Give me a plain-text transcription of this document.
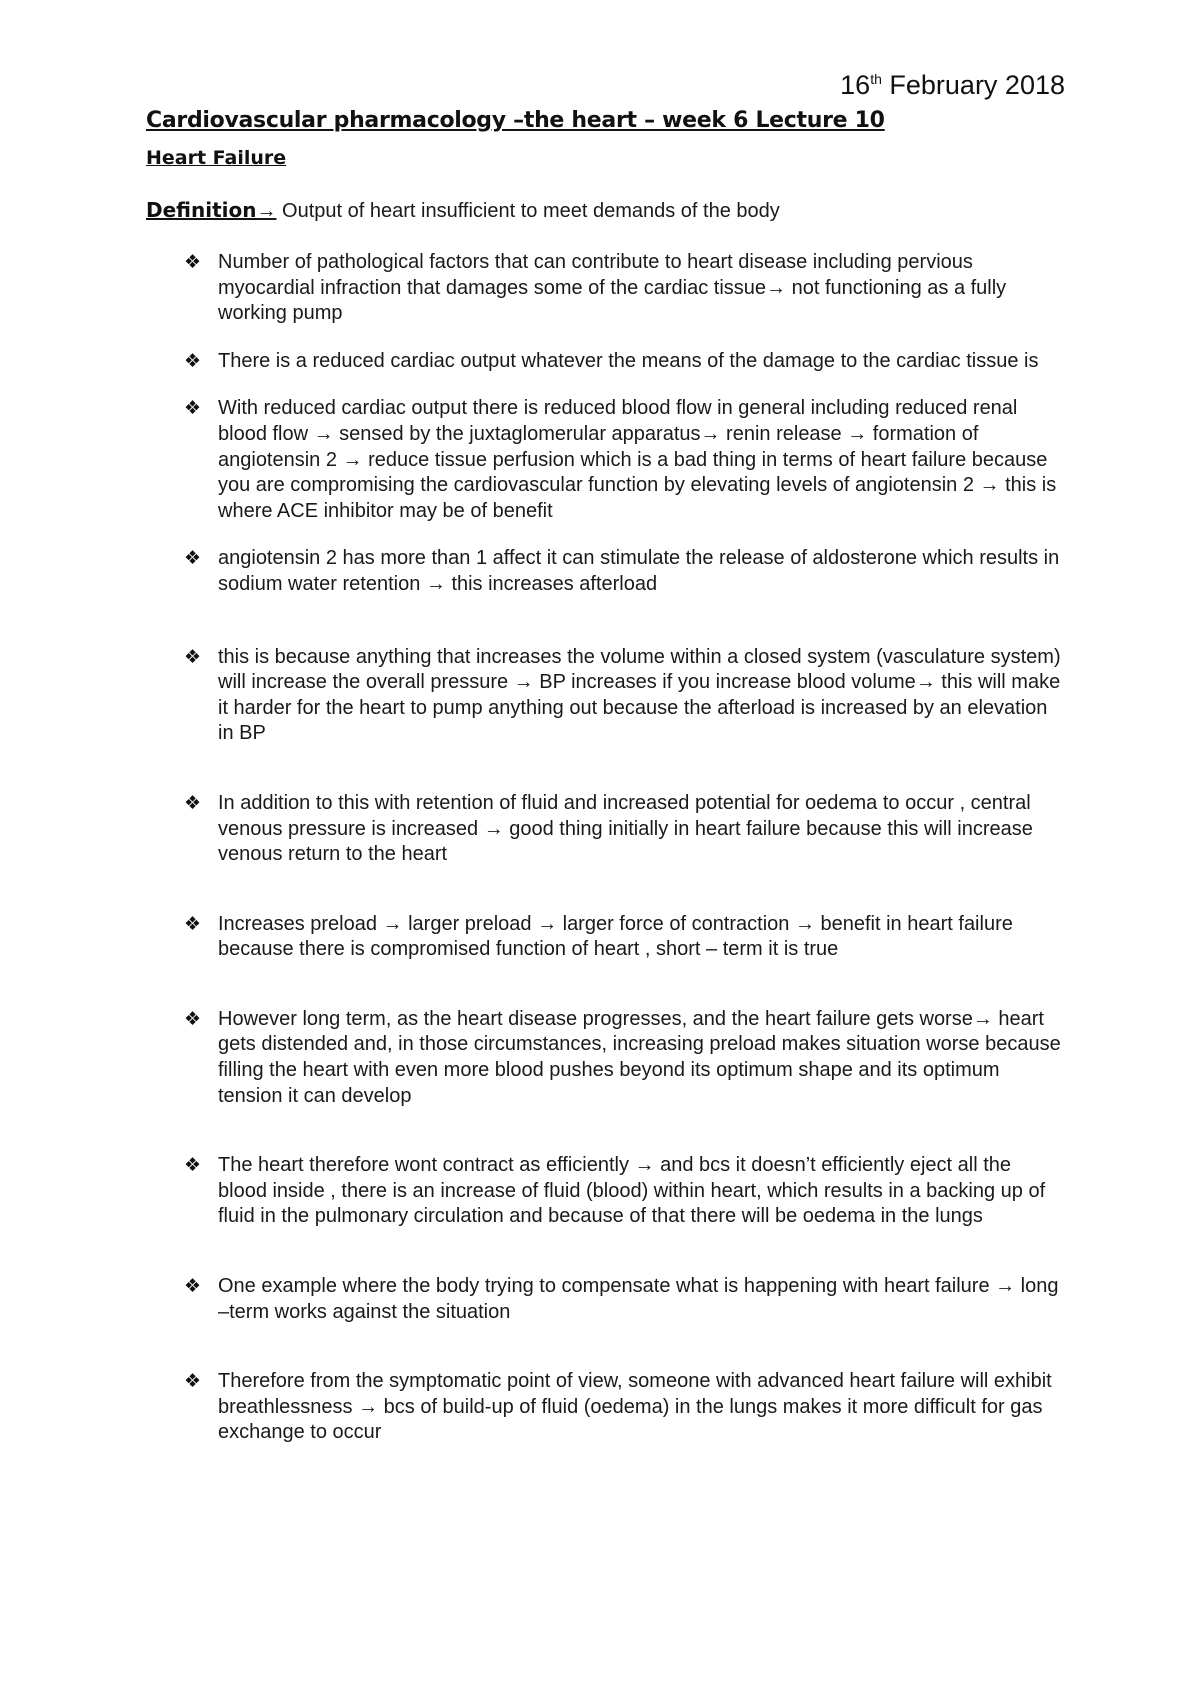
16th February 2018
Cardiovascular pharmacology –the heart – week 6 Lecture 10
Heart Failure
Definition→ Output of heart insufficient to meet demands of the body
❖ Number of pathological factors that can contribute to heart disease including pervious myocardial infraction that damages some of the cardiac tissue→ not functioning as a fully working pump
❖ There is a reduced cardiac output whatever the means of the damage to the cardiac tissue is
❖ With reduced cardiac output there is reduced blood flow in general including reduced renal blood flow → sensed by the juxtaglomerular apparatus→ renin release → formation of angiotensin 2 → reduce tissue perfusion which is a bad thing in terms of heart failure because you are compromising the cardiovascular function by elevating levels of angiotensin 2 → this is where ACE inhibitor may be of benefit
❖ angiotensin 2 has more than 1 affect it can stimulate the release of aldosterone which results in sodium water retention → this increases afterload
❖ this is because anything that increases the volume within a closed system (vasculature system) will increase the overall pressure → BP increases if you increase blood volume→ this will make it harder for the heart to pump anything out because the afterload is increased by an elevation in BP
❖ In addition to this with retention of fluid and increased potential for oedema to occur , central venous pressure is increased → good thing initially in heart failure because this will increase venous return to the heart
❖ Increases preload → larger preload → larger force of contraction → benefit in heart failure because there is compromised function of heart , short – term it is true
❖ However long term, as the heart disease progresses, and the heart failure gets worse→ heart gets distended and, in those circumstances, increasing preload makes situation worse because filling the heart with even more blood pushes beyond its optimum shape and its optimum tension it can develop
❖ The heart therefore wont contract as efficiently → and bcs it doesn’t efficiently eject all the blood inside , there is an increase of fluid (blood) within heart, which results in a backing up of fluid in the pulmonary circulation and because of that there will be oedema in the lungs
❖ One example where the body trying to compensate what is happening with heart failure → long –term works against the situation
❖ Therefore from the symptomatic point of view, someone with advanced heart failure will exhibit breathlessness → bcs of build-up of fluid (oedema) in the lungs makes it more difficult for gas exchange to occur
